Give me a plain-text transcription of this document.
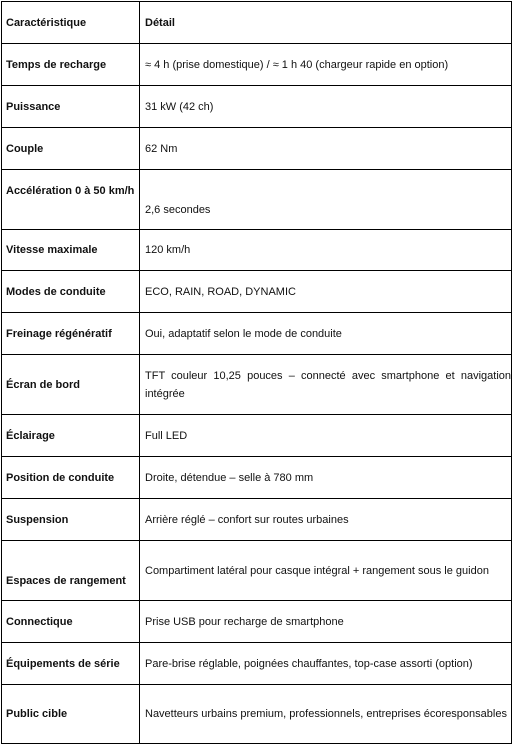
Caractéristique	Détail
Temps de recharge	≈ 4 h (prise domestique) / ≈ 1 h 40 (chargeur rapide en option)
Puissance	31 kW (42 ch)
Couple	62 Nm
Accélération 0 à 50 km/h	2,6 secondes
Vitesse maximale	120 km/h
Modes de conduite	ECO, RAIN, ROAD, DYNAMIC
Freinage régénératif	Oui, adaptatif selon le mode de conduite
Écran de bord	TFT couleur 10,25 pouces – connecté avec smartphone et navigation intégrée
Éclairage	Full LED
Position de conduite	Droite, détendue – selle à 780 mm
Suspension	Arrière réglé – confort sur routes urbaines
Espaces de rangement	Compartiment latéral pour casque intégral + rangement sous le guidon
Connectique	Prise USB pour recharge de smartphone
Équipements de série	Pare-brise réglable, poignées chauffantes, top-case assorti (option)
Public cible	Navetteurs urbains premium, professionnels, entreprises écoresponsables
